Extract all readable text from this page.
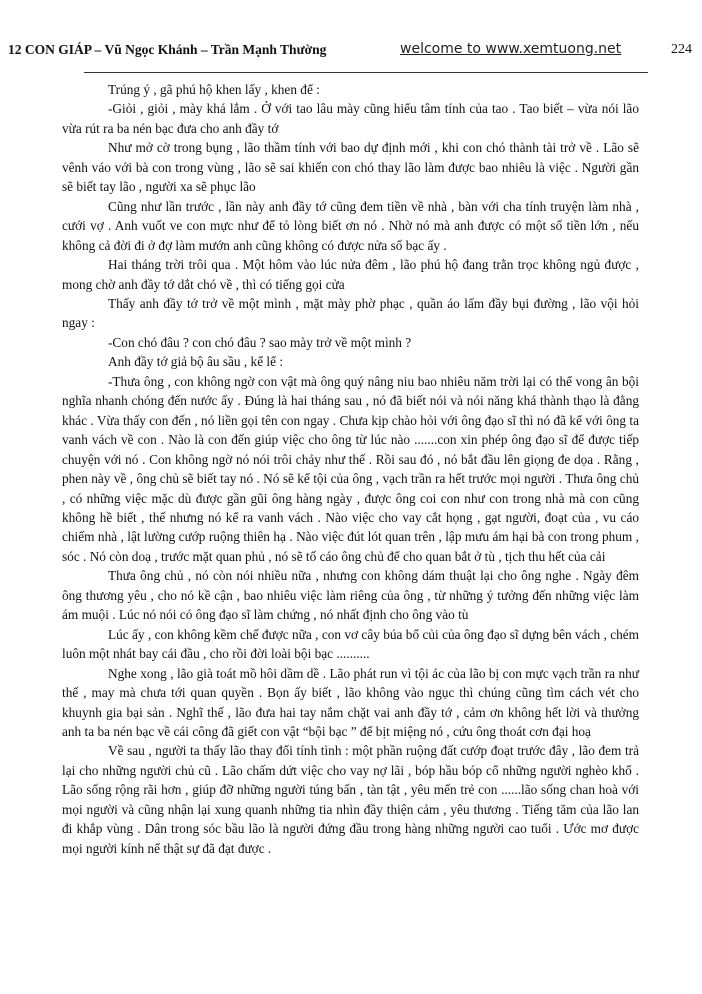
12 CON GIÁP – Vũ Ngọc Khánh – Trần Mạnh Thường	welcome to www.xemtuong.net	224

Trúng ý , gã phú hộ khen lấy , khen để :

-Giỏi , giỏi , mày khá lắm . Ở với tao lâu mày cũng hiểu tâm tính của tao . Tao biết – vừa nói lão vừa rút ra ba nén bạc đưa cho anh đầy tớ

Như mở cờ trong bụng , lão thầm tính với bao dự định mới , khi con chó thành tài trở về . Lão sẽ vênh váo với bà con trong vùng , lão sẽ sai khiến con chó thay lão làm được bao nhiêu là việc . Người gần sẽ biết tay lão , người xa sẽ phục lão

Cũng như lần trước , lần này anh đầy tớ cũng đem tiền về nhà , bàn với cha tính truyện làm nhà , cưới vợ . Anh vuốt ve con mực như để tỏ lòng biết ơn nó . Nhờ nó mà anh được có một số tiền lớn , nếu không cả đời đi ở đợ làm mướn anh cũng không có được nửa số bạc ấy .

Hai tháng trời trôi qua . Một hôm vào lúc nửa đêm , lão phú hộ đang trằn trọc không ngủ được , mong chờ anh đầy tớ dắt chó về , thì có tiếng gọi cửa

Thấy anh đầy tớ trở về một mình , mặt mày phờ phạc , quần áo lấm đầy bụi đường , lão vội hỏi ngay :

-Con chó đâu ? con chó đâu ? sao mày trở về một mình ?

Anh đầy tớ giả bộ âu sầu , kể lể :

-Thưa ông , con không ngờ con vật mà ông quý nâng niu bao nhiêu năm trời lại có thể vong ân bội nghĩa nhanh chóng đến nước ấy . Đúng là hai tháng sau , nó đã biết nói và nói năng khá thành thạo là đằng khác . Vừa thấy con đến , nó liền gọi tên con ngay . Chưa kịp chào hỏi với ông đạo sĩ thì nó đã kể với ông ta vanh vách về con . Nào là con đến giúp việc cho ông từ lúc nào .......con xin phép ông đạo sĩ để được tiếp chuyện với nó . Con không ngờ nó nói trôi chảy như thế . Rồi sau đó , nó bắt đầu lên giọng đe dọa . Rằng , phen này về , ông chủ sẽ biết tay nó . Nó sẽ kể tội của ông , vạch trần ra hết trước mọi người . Thưa ông chủ , có những việc mặc dù được gần gũi ông hàng ngày , được ông coi con như con trong nhà mà con cũng không hề biết , thế nhưng nó kể ra vanh vách . Nào việc cho vay cắt họng , gạt người, đoạt của , vu cáo chiếm nhà , lật lường cướp ruộng thiên hạ . Nào việc đút lót quan trên , lập mưu ám hại bà con trong phum , sóc . Nó còn doạ , trước mặt quan phủ , nó sẽ tố cáo ông chủ để cho quan bắt ở tù , tịch thu hết của cải

Thưa ông chủ , nó còn nói nhiều nữa , nhưng con không dám thuật lại cho ông nghe . Ngày đêm ông thương yêu , cho nó kề cận , bao nhiêu việc làm riêng của ông , từ những ý tưởng đến những việc làm ám muội . Lúc nó nói có ông đạo sĩ làm chứng , nó nhất định cho ông vào tù

Lúc ấy , con không kềm chế được nữa , con vơ cây búa bổ củi của ông đạo sĩ dựng bên vách , chém luôn một nhát bay cái đầu , cho rồi đời loài bội bạc ..........

Nghe xong , lão già toát mồ hôi dầm dề . Lão phát run vì tội ác của lão bị con mực vạch trần ra như thế , may mà chưa tới quan quyền . Bọn ấy biết , lão không vào ngục thì chúng cũng tìm cách vét cho khuynh gia bại sản . Nghĩ thế , lão đưa hai tay nắm chặt vai anh đầy tớ , cảm ơn không hết lời và thưởng anh ta ba nén bạc về cái công đã giết con vật “bội bạc ” để bịt miệng nó , cứu ông thoát cơn đại hoạ

Về sau , người ta thấy lão thay đổi tính tình : một phần ruộng đất cướp đoạt trước đây , lão đem trả lại cho những người chủ cũ . Lão chấm dứt việc cho vay nợ lãi , bóp hầu bóp cổ những người nghèo khổ . Lão sống rộng rãi hơn , giúp đỡ những người túng bấn , tàn tật , yêu mến trẻ con ......lão sống chan hoà với mọi người và cũng nhận lại xung quanh những tia nhìn đầy thiện cảm , yêu thương . Tiếng tăm của lão lan đi khắp vùng . Dân trong sóc bầu lão là người đứng đầu trong hàng những người cao tuổi . Ước mơ được mọi người kính nể thật sự đã đạt được .
